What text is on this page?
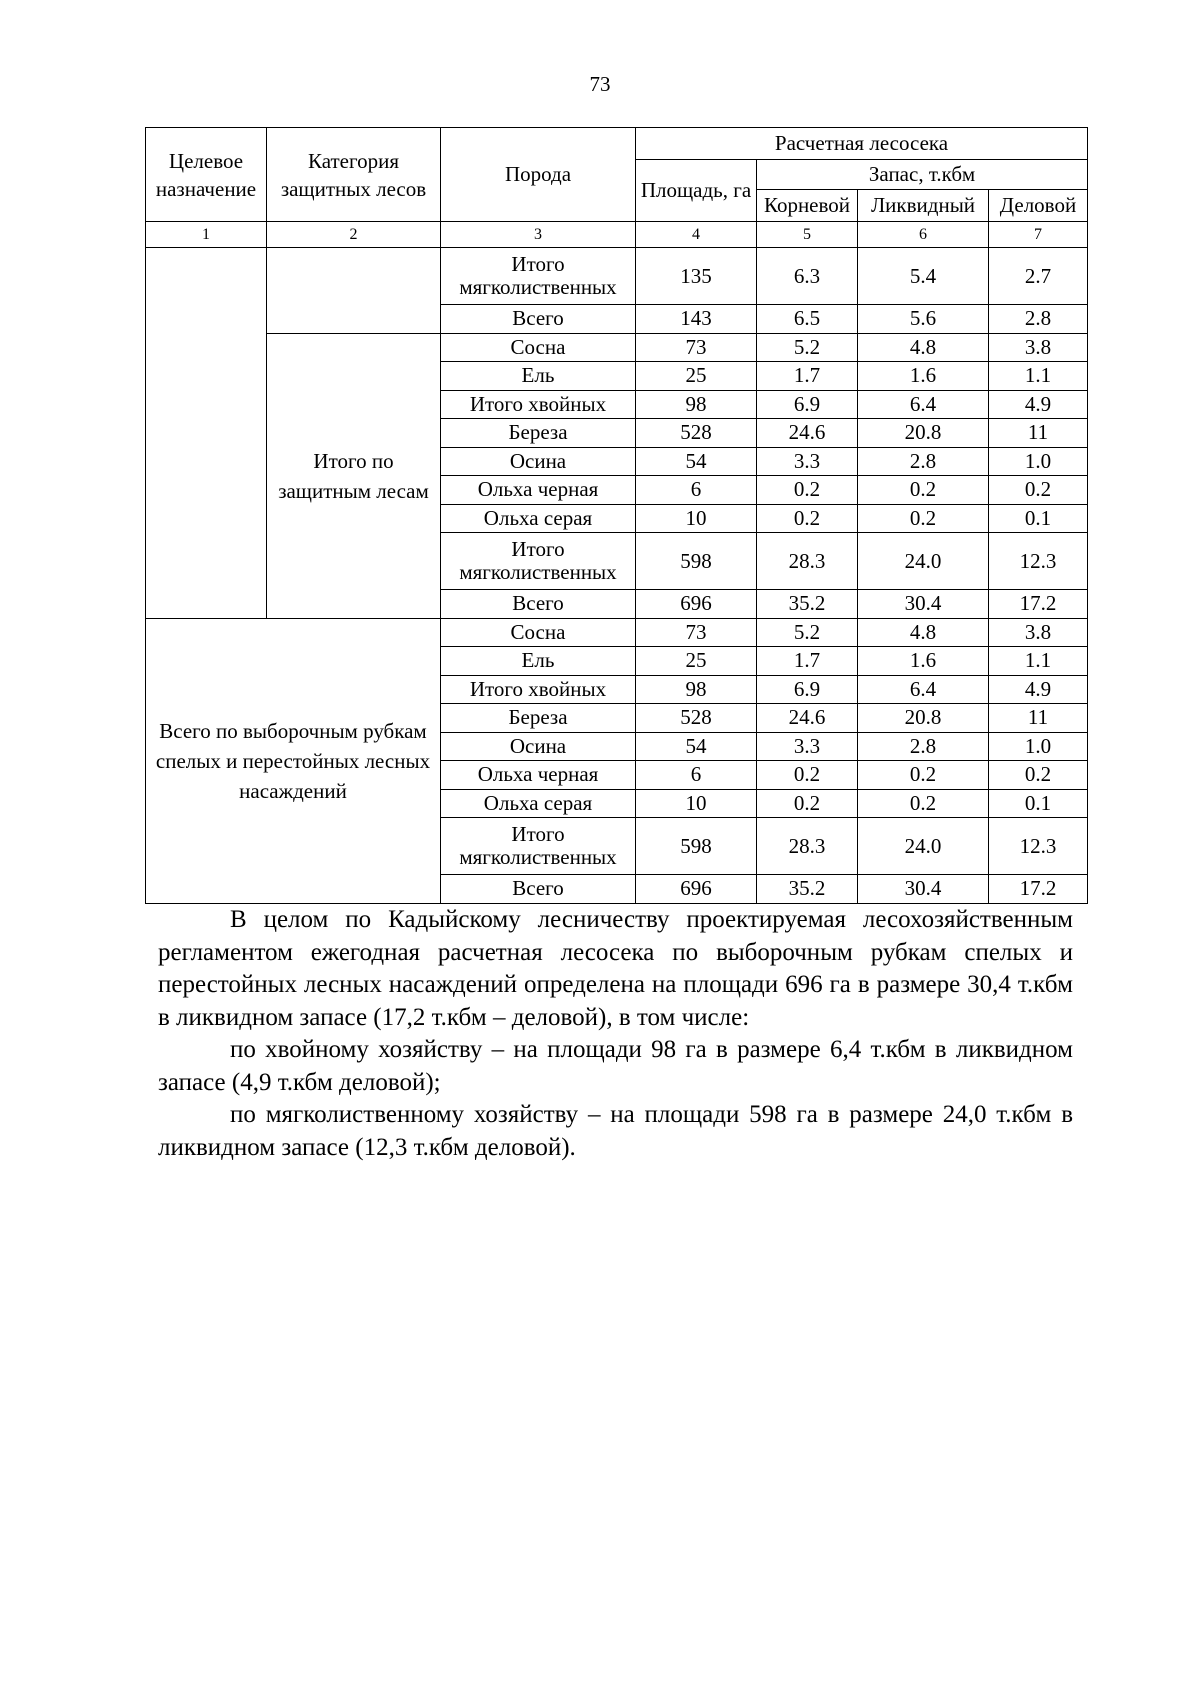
73
Целевое назначение	Категория защитных лесов	Порода	Расчетная лесосека			
			Площадь, га	Запас, т.кбм		
				Корневой	Ликвидный	Деловой
1	2	3	4	5	6	7
		Итого мягколиственных	135	6.3	5.4	2.7
		Всего	143	6.5	5.6	2.8
	Итого по защитным лесам	Сосна	73	5.2	4.8	3.8
		Ель	25	1.7	1.6	1.1
		Итого хвойных	98	6.9	6.4	4.9
		Береза	528	24.6	20.8	11
		Осина	54	3.3	2.8	1.0
		Ольха черная	6	0.2	0.2	0.2
		Ольха серая	10	0.2	0.2	0.1
		Итого мягколиственных	598	28.3	24.0	12.3
		Всего	696	35.2	30.4	17.2
Всего по выборочным рубкам спелых и перестойных лесных насаждений		Сосна	73	5.2	4.8	3.8
		Ель	25	1.7	1.6	1.1
		Итого хвойных	98	6.9	6.4	4.9
		Береза	528	24.6	20.8	11
		Осина	54	3.3	2.8	1.0
		Ольха черная	6	0.2	0.2	0.2
		Ольха серая	10	0.2	0.2	0.1
		Итого мягколиственных	598	28.3	24.0	12.3
		Всего	696	35.2	30.4	17.2

В целом по Кадыйскому лесничеству проектируемая лесохозяйственным регламентом ежегодная расчетная лесосека по выборочным рубкам спелых и перестойных лесных насаждений определена на площади 696 га в размере 30,4 т.кбм в ликвидном запасе (17,2 т.кбм – деловой), в том числе:

по хвойному хозяйству – на площади 98 га в размере 6,4 т.кбм в ликвидном запасе (4,9 т.кбм деловой);

по мягколиственному хозяйству – на площади 598 га в размере 24,0 т.кбм в ликвидном запасе (12,3 т.кбм деловой).
